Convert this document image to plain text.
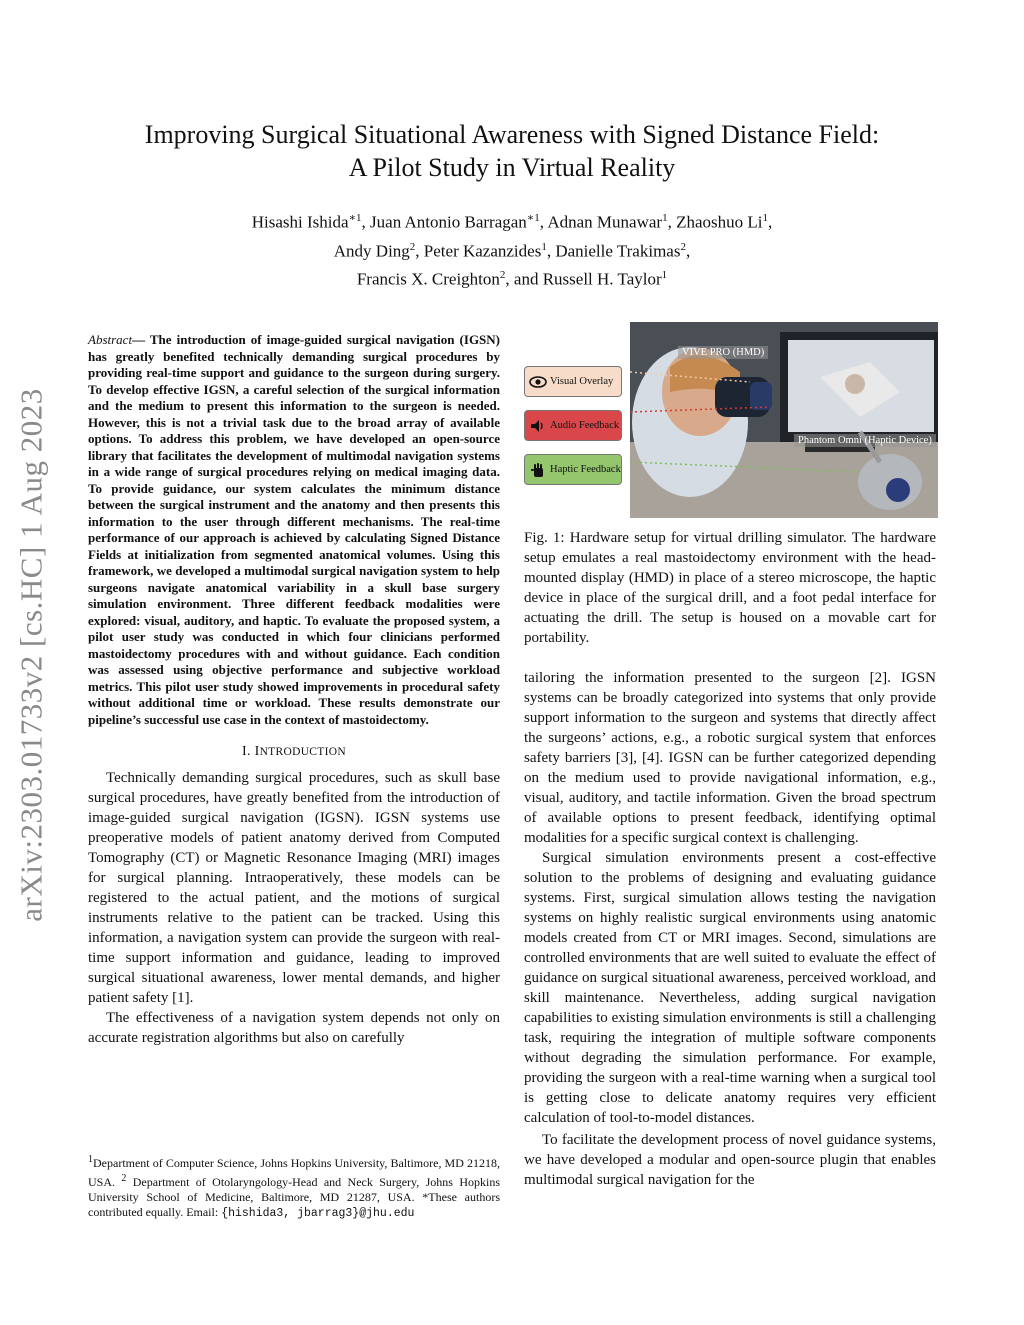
arXiv:2303.01733v2 [cs.HC] 1 Aug 2023
Improving Surgical Situational Awareness with Signed Distance Field:
A Pilot Study in Virtual Reality
Hisashi Ishida$^{∗1}$, Juan Antonio Barragan$^{∗1}$, Adnan Munawar$^1$, Zhaoshuo Li$^1$,
Andy Ding$^2$, Peter Kazanzides$^1$, Danielle Trakimas$^2$,
Francis X. Creighton$^2$, and Russell H. Taylor$^1$

Abstract— The introduction of image-guided surgical navigation (IGSN) has greatly benefited technically demanding surgical procedures by providing real-time support and guidance to the surgeon during surgery. To develop effective IGSN, a careful selection of the surgical information and the medium to present this information to the surgeon is needed. However, this is not a trivial task due to the broad array of available options. To address this problem, we have developed an open-source library that facilitates the development of multimodal navigation systems in a wide range of surgical procedures relying on medical imaging data. To provide guidance, our system calculates the minimum distance between the surgical instrument and the anatomy and then presents this information to the user through different mechanisms. The real-time performance of our approach is achieved by calculating Signed Distance Fields at initialization from segmented anatomical volumes. Using this framework, we developed a multimodal surgical navigation system to help surgeons navigate anatomical variability in a skull base surgery simulation environment. Three different feedback modalities were explored: visual, auditory, and haptic. To evaluate the proposed system, a pilot user study was conducted in which four clinicians performed mastoidectomy procedures with and without guidance. Each condition was assessed using objective performance and subjective workload metrics. This pilot user study showed improvements in procedural safety without additional time or workload. These results demonstrate our pipeline’s successful use case in the context of mastoidectomy.

I. INTRODUCTION

Technically demanding surgical procedures, such as skull base surgical procedures, have greatly benefited from the introduction of image-guided surgical navigation (IGSN). IGSN systems use preoperative models of patient anatomy derived from Computed Tomography (CT) or Magnetic Resonance Imaging (MRI) images for surgical planning. Intraoperatively, these models can be registered to the actual patient, and the motions of surgical instruments relative to the patient can be tracked. Using this information, a navigation system can provide the surgeon with real-time support information and guidance, leading to improved surgical situational awareness, lower mental demands, and higher patient safety [1].

The effectiveness of a navigation system depends not only on accurate registration algorithms but also on carefully

$^1$Department of Computer Science, Johns Hopkins University, Baltimore, MD 21218, USA. $^2$ Department of Otolaryngology-Head and Neck Surgery, Johns Hopkins University School of Medicine, Baltimore, MD 21287, USA. *These authors contributed equally. Email: {hishida3, jbarrag3}@jhu.edu
Visual Overlay
Audio Feedback
Haptic Feedback
VIVE PRO (HMD)
Phantom Omni (Haptic Device)
Fig. 1: Hardware setup for virtual drilling simulator. The hardware setup emulates a real mastoidectomy environment with the head-mounted display (HMD) in place of a stereo microscope, the haptic device in place of the surgical drill, and a foot pedal interface for actuating the drill. The setup is housed on a movable cart for portability.

tailoring the information presented to the surgeon [2]. IGSN systems can be broadly categorized into systems that only provide support information to the surgeon and systems that directly affect the surgeons’ actions, e.g., a robotic surgical system that enforces safety barriers [3], [4]. IGSN can be further categorized depending on the medium used to provide navigational information, e.g., visual, auditory, and tactile information. Given the broad spectrum of available options to present feedback, identifying optimal modalities for a specific surgical context is challenging.

Surgical simulation environments present a cost-effective solution to the problems of designing and evaluating guidance systems. First, surgical simulation allows testing the navigation systems on highly realistic surgical environments using anatomic models created from CT or MRI images. Second, simulations are controlled environments that are well suited to evaluate the effect of guidance on surgical situational awareness, perceived workload, and skill maintenance. Nevertheless, adding surgical navigation capabilities to existing simulation environments is still a challenging task, requiring the integration of multiple software components without degrading the simulation performance. For example, providing the surgeon with a real-time warning when a surgical tool is getting close to delicate anatomy requires very efficient calculation of tool-to-model distances.

To facilitate the development process of novel guidance systems, we have developed a modular and open-source plugin that enables multimodal surgical navigation for the
